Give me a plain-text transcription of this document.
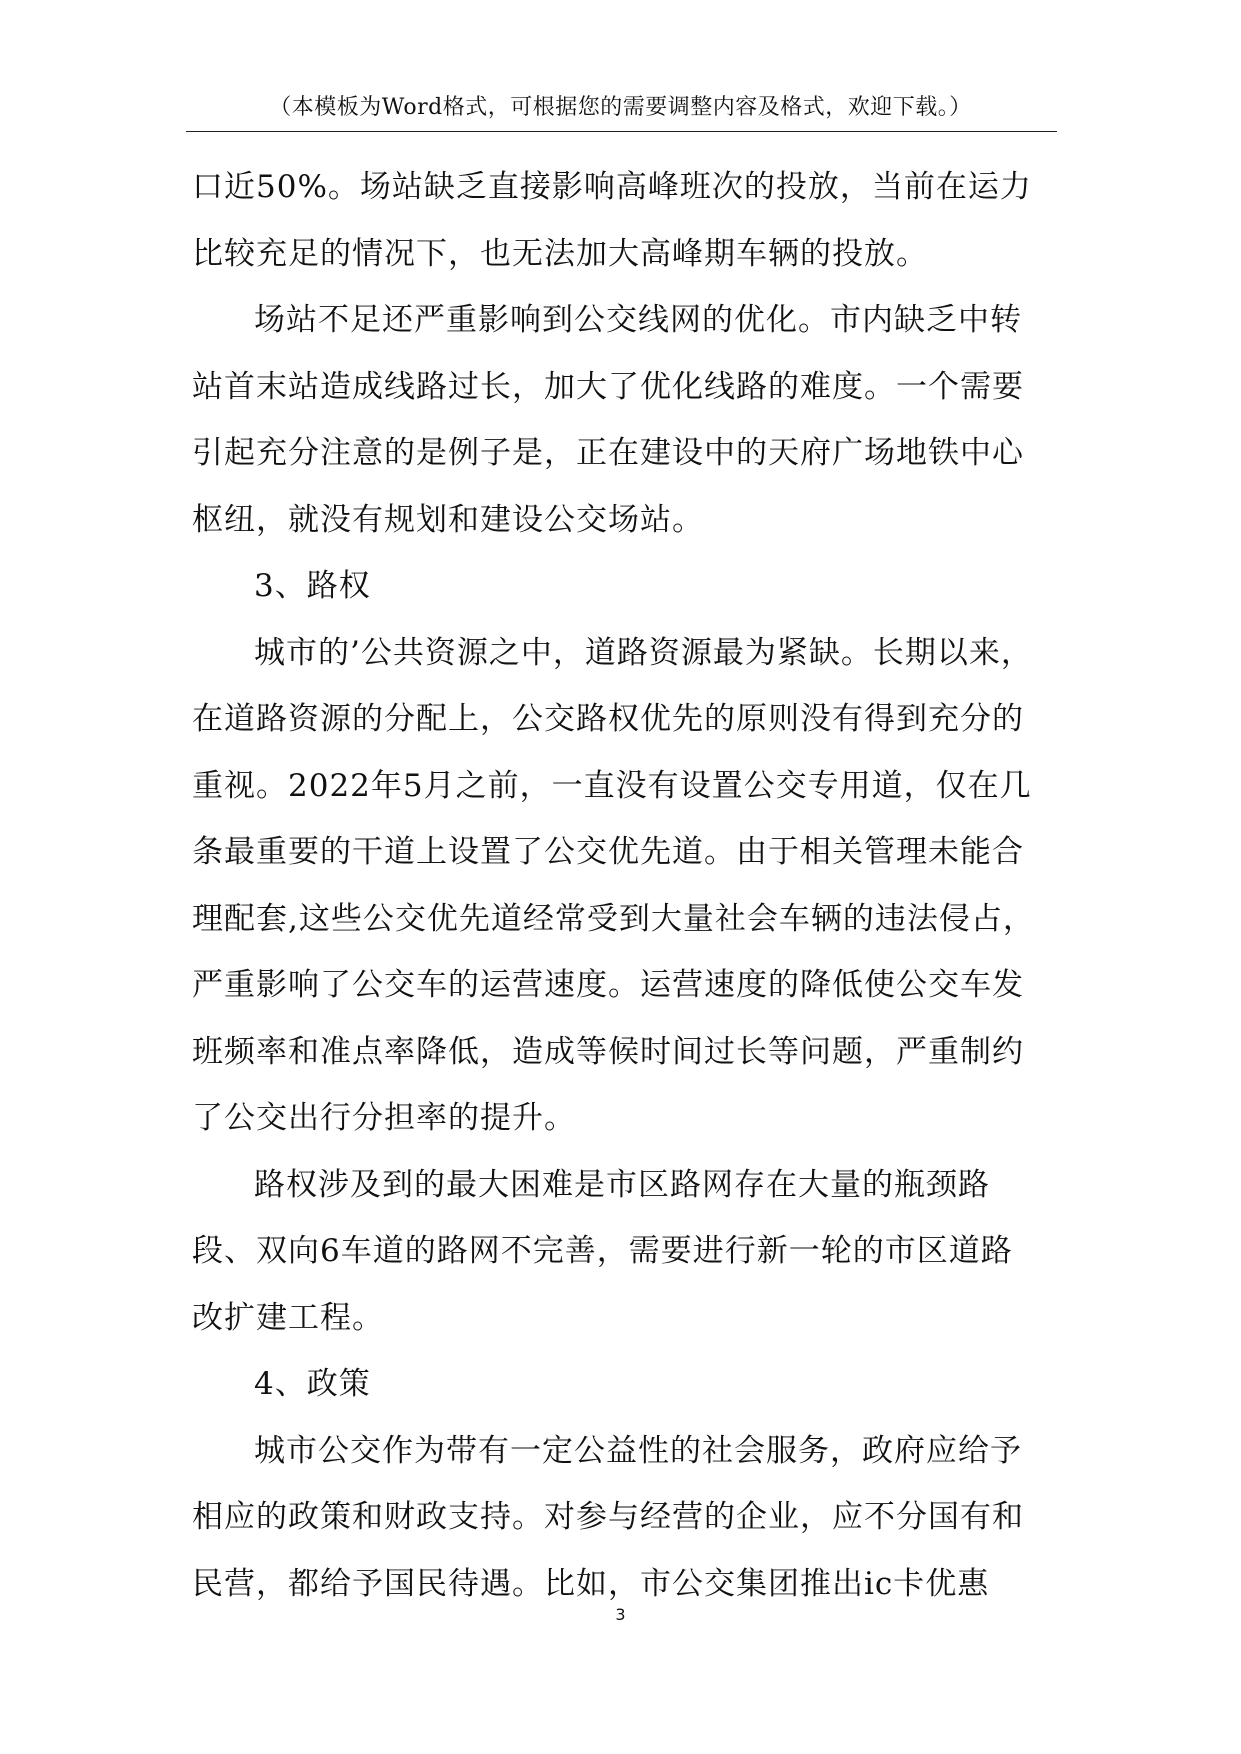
（本模板为Word格式，可根据您的需要调整内容及格式，欢迎下载。）
口近50%。场站缺乏直接影响高峰班次的投放，当前在运力
比较充足的情况下，也无法加大高峰期车辆的投放。
场站不足还严重影响到公交线网的优化。市内缺乏中转
站首末站造成线路过长，加大了优化线路的难度。一个需要
引起充分注意的是例子是，正在建设中的天府广场地铁中心
枢纽，就没有规划和建设公交场站。
3、路权
城市的’公共资源之中，道路资源最为紧缺。长期以来，
在道路资源的分配上，公交路权优先的原则没有得到充分的
重视。2022年5月之前，一直没有设置公交专用道，仅在几
条最重要的干道上设置了公交优先道。由于相关管理未能合
理配套,这些公交优先道经常受到大量社会车辆的违法侵占，
严重影响了公交车的运营速度。运营速度的降低使公交车发
班频率和准点率降低，造成等候时间过长等问题，严重制约
了公交出行分担率的提升。
路权涉及到的最大困难是市区路网存在大量的瓶颈路
段、双向6车道的路网不完善，需要进行新一轮的市区道路
改扩建工程。
4、政策
城市公交作为带有一定公益性的社会服务，政府应给予
相应的政策和财政支持。对参与经营的企业，应不分国有和
民营，都给予国民待遇。比如，市公交集团推出ic卡优惠
3
